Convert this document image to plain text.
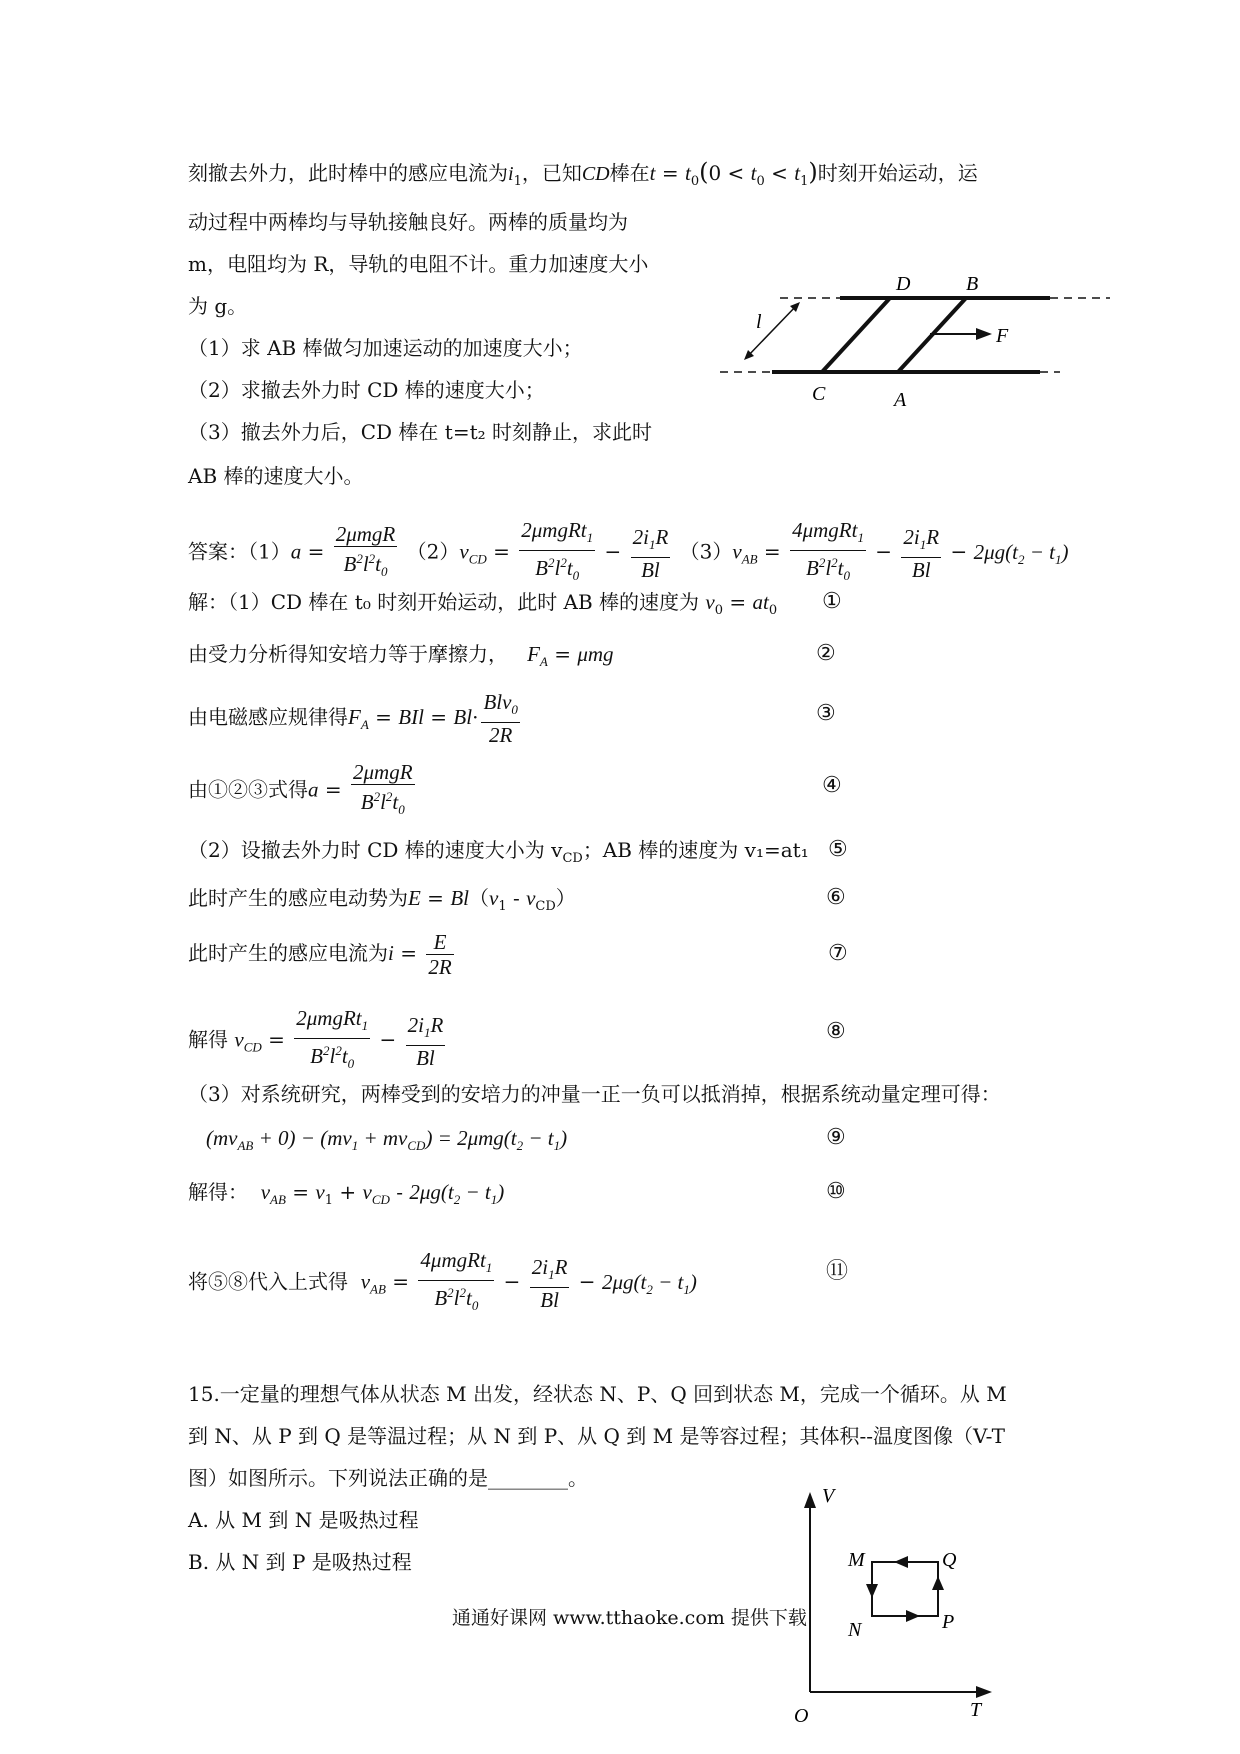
刻撤去外力，此时棒中的感应电流为$i_1$，已知CD棒在$t = t_0(0 < t_0 < t_1)$时刻开始运动，运
动过程中两棒均与导轨接触良好。两棒的质量均为
m，电阻均为 R，导轨的电阻不计。重力加速度大小
为 g。
（1）求 AB 棒做匀加速运动的加速度大小；
（2）求撤去外力时 CD 棒的速度大小；
（3）撤去外力后，CD 棒在 t=t₂ 时刻静止，求此时
AB 棒的速度大小。
D	B
C	A
F
l
答案：$(1)a = \frac{\text{2μmgR}}{B^2l^2t_0} (2)v_{CD} = \frac{2\mu mgRt_1}{B^2l^2t_0} - \frac{2i_1R}{Bl} (3)v_{AB} = \frac{4\mu mgRt_1}{B^2l^2t_0} - \frac{2i_1R}{Bl} - 2\mu g(t_2 - t_1)$
解：（1）CD 棒在 t₀ 时刻开始运动，此时 AB 棒的速度为 $v_0 = at_0$ ①
由受力分析得知安培力等于摩擦力， $F_A = \mu mg$	②
由电磁感应规律得$F_A$ = BIl = $Bl\cdot \frac{Blv_0}{2R}$	③
由①②③式得$a = \frac{\text{2μmgR}}{B^2l^2t_0}$	④
（2）设撤去外力时 CD 棒的速度大小为 $v_{CD}$；AB 棒的速度为 v₁=at₁ ⑤
此时产生的感应电动势为$E = Bl(v_1 - v_{CD})$	⑥
此时产生的感应电流为$i = \frac{E}{2R}$	⑦
解得 $v_{CD} = \frac{2\mu mgRt_1}{B^2l^2t_0} - \frac{2i_1R}{Bl}$	⑧
（3）对系统研究，两棒受到的安培力的冲量一正一负可以抵消掉，根据系统动量定理可得：
$(mv_{AB} + 0) - (mv_1 + mv_{CD}) = 2\mu mg(t_2 - t_1)$	⑨
解得： $v_{AB} = v_1 + v_{CD} - 2\mu g(t_2 - t_1)$	⑩
将⑤⑧代入上式得 $v_{AB} = \frac{4\mu mgRt_1}{B^2l^2t_0} - \frac{2i_1R}{Bl} - 2\mu g(t_2 - t_1)$	⑪
15.一定量的理想气体从状态 M 出发，经状态 N、P、Q 回到状态 M，完成一个循环。从 M
到 N、从 P 到 Q 是等温过程；从 N 到 P、从 Q 到 M 是等容过程；其体积--温度图像（V-T
图）如图所示。下列说法正确的是________。
A. 从 M 到 N 是吸热过程
B. 从 N 到 P 是吸热过程
V
T
O
M	Q
N	P
通通好课网 www.tthaoke.com 提供下载
